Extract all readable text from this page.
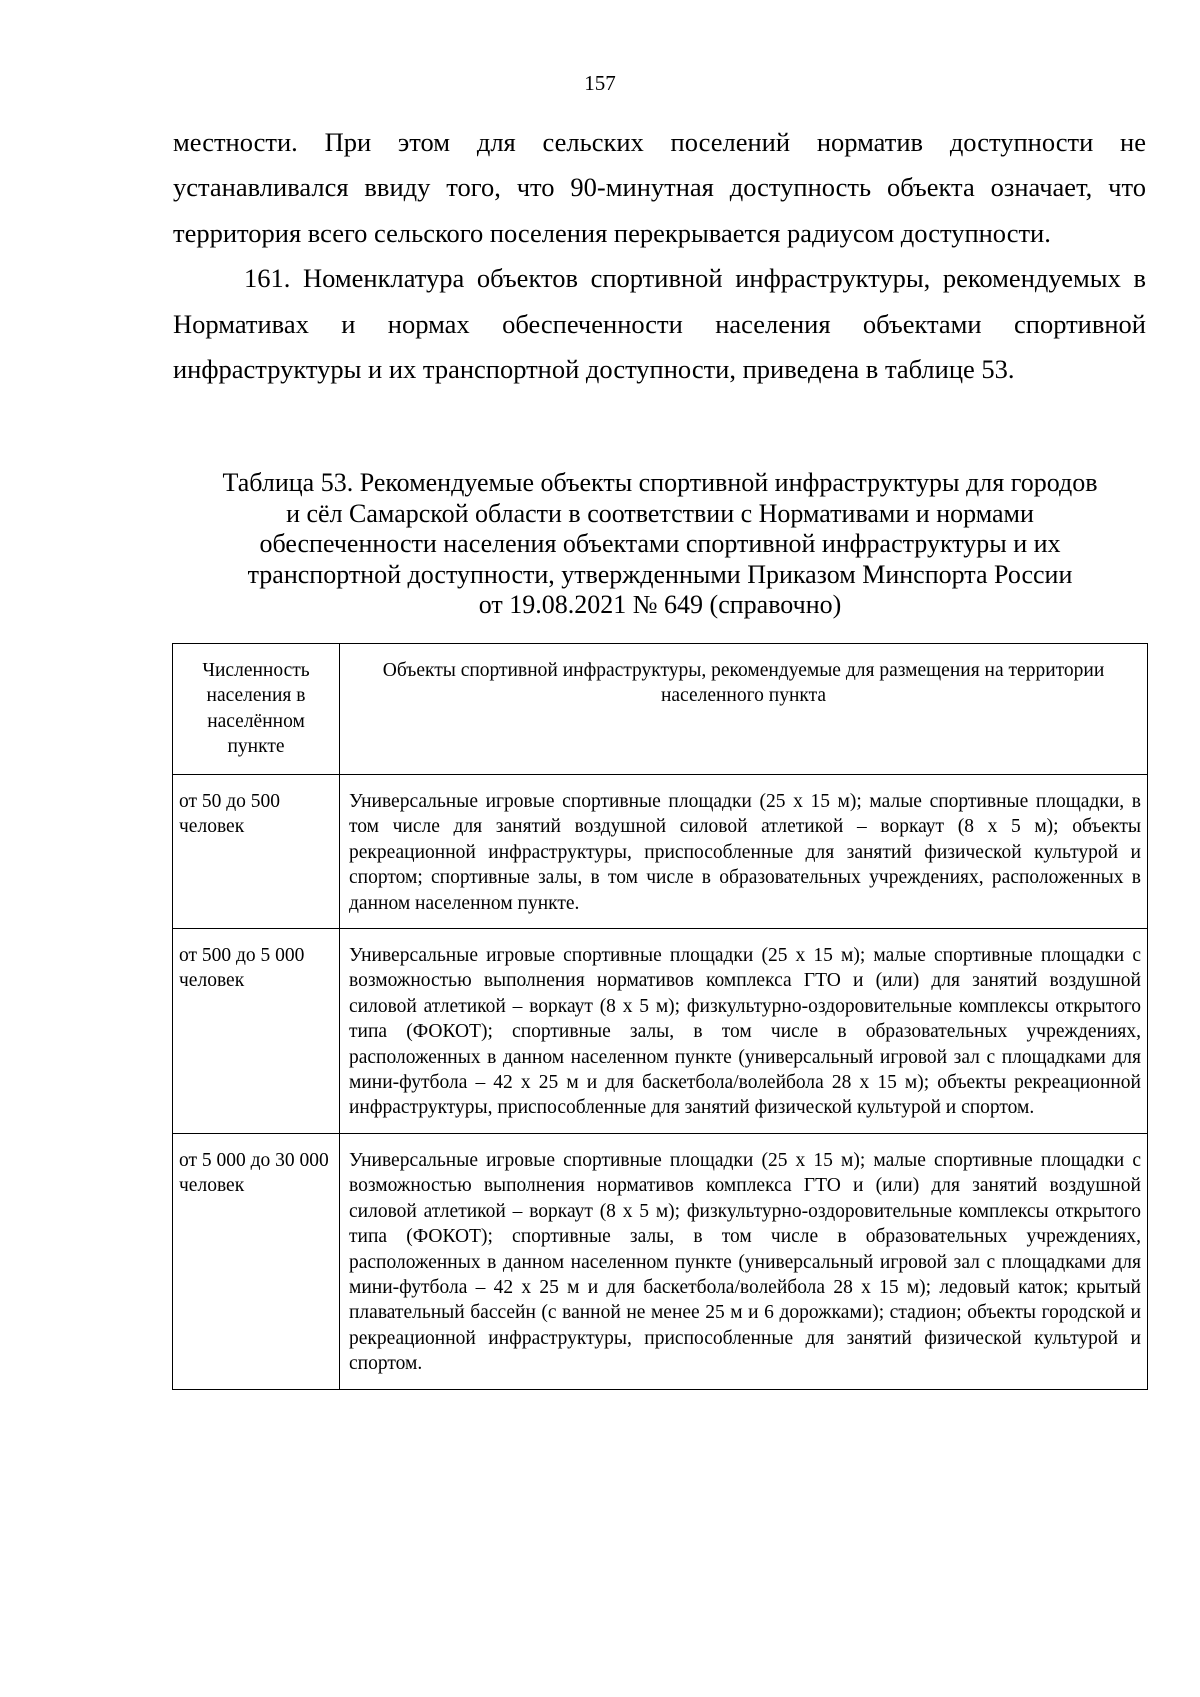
157

местности. При этом для сельских поселений норматив доступности не устанавливался ввиду того, что 90-минутная доступность объекта означает, что территория всего сельского поселения перекрывается радиусом доступности.

161. Номенклатура объектов спортивной инфраструктуры, рекомендуемых в Нормативах и нормах обеспеченности населения объектами спортивной инфраструктуры и их транспортной доступности, приведена в таблице 53.

Таблица 53. Рекомендуемые объекты спортивной инфраструктуры для городов
и сёл Самарской области в соответствии с Нормативами и нормами
обеспеченности населения объектами спортивной инфраструктуры и их
транспортной доступности, утвержденными Приказом Минспорта России
от 19.08.2021 № 649 (справочно)
Численность населения в населённом пункте	Объекты спортивной инфраструктуры, рекомендуемые для размещения на территории населенного пункта
от 50 до 500 человек	Универсальные игровые спортивные площадки (25 х 15 м); малые спортивные площадки, в том числе для занятий воздушной силовой атлетикой – воркаут (8 х 5 м); объекты рекреационной инфраструктуры, приспособленные для занятий физической культурой и спортом; спортивные залы, в том числе в образовательных учреждениях, расположенных в данном населенном пункте.
от 500 до 5 000 человек	Универсальные игровые спортивные площадки (25 х 15 м); малые спортивные площадки с возможностью выполнения нормативов комплекса ГТО и (или) для занятий воздушной силовой атлетикой – воркаут (8 х 5 м); физкультурно-оздоровительные комплексы открытого типа (ФОКОТ); спортивные залы, в том числе в образовательных учреждениях, расположенных в данном населенном пункте (универсальный игровой зал с площадками для мини-футбола – 42 х 25 м и для баскетбола/волейбола 28 х 15 м); объекты рекреационной инфраструктуры, приспособленные для занятий физической культурой и спортом.
от 5 000 до 30 000 человек	Универсальные игровые спортивные площадки (25 х 15 м); малые спортивные площадки с возможностью выполнения нормативов комплекса ГТО и (или) для занятий воздушной силовой атлетикой – воркаут (8 х 5 м); физкультурно-оздоровительные комплексы открытого типа (ФОКОТ); спортивные залы, в том числе в образовательных учреждениях, расположенных в данном населенном пункте (универсальный игровой зал с площадками для мини-футбола – 42 х 25 м и для баскетбола/волейбола 28 х 15 м); ледовый каток; крытый плавательный бассейн (с ванной не менее 25 м и 6 дорожками); стадион; объекты городской и рекреационной инфраструктуры, приспособленные для занятий физической культурой и спортом.
